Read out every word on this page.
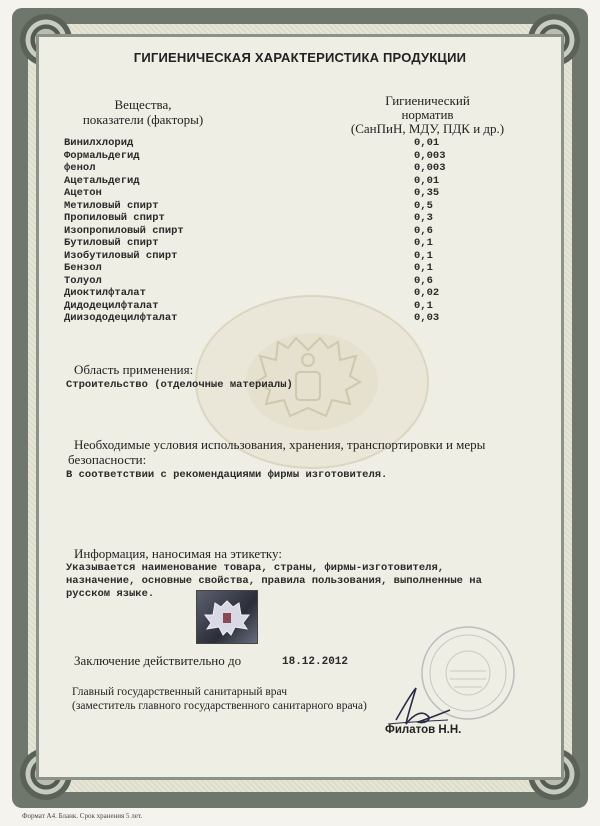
ГИГИЕНИЧЕСКАЯ ХАРАКТЕРИСТИКА ПРОДУКЦИИ
Вещества,
показатели (факторы)
Гигиенический
норматив
(СанПиН, МДУ, ПДК и др.)
Винилхлорид	0,01
Формальдегид	0,003
фенол	0,003
Ацетальдегид	0,01
Ацетон	0,35
Метиловый спирт	0,5
Пропиловый спирт	0,3
Изопропиловый спирт	0,6
Бутиловый спирт	0,1
Изобутиловый спирт	0,1
Бензол	0,1
Толуол	0,6
Диоктилфталат	0,02
Дидодецилфталат	0,1
Диизододецилфталат	0,03
Область применения:
Строительство (отделочные материалы)
Необходимые условия использования, хранения, транспортировки и меры
безопасности:
В соответствии с рекомендациями фирмы изготовителя.
Информация, наносимая на этикетку:
Указывается наименование товара, страны, фирмы-изготовителя,
назначение, основные свойства, правила пользования, выполненные на
русском языке.
Заключение действительно до	18.12.2012
Главный государственный санитарный врач
(заместитель главного государственного санитарного врача)
Филатов Н.Н.
Формат А4. Бланк. Срок хранения 5 лет.
